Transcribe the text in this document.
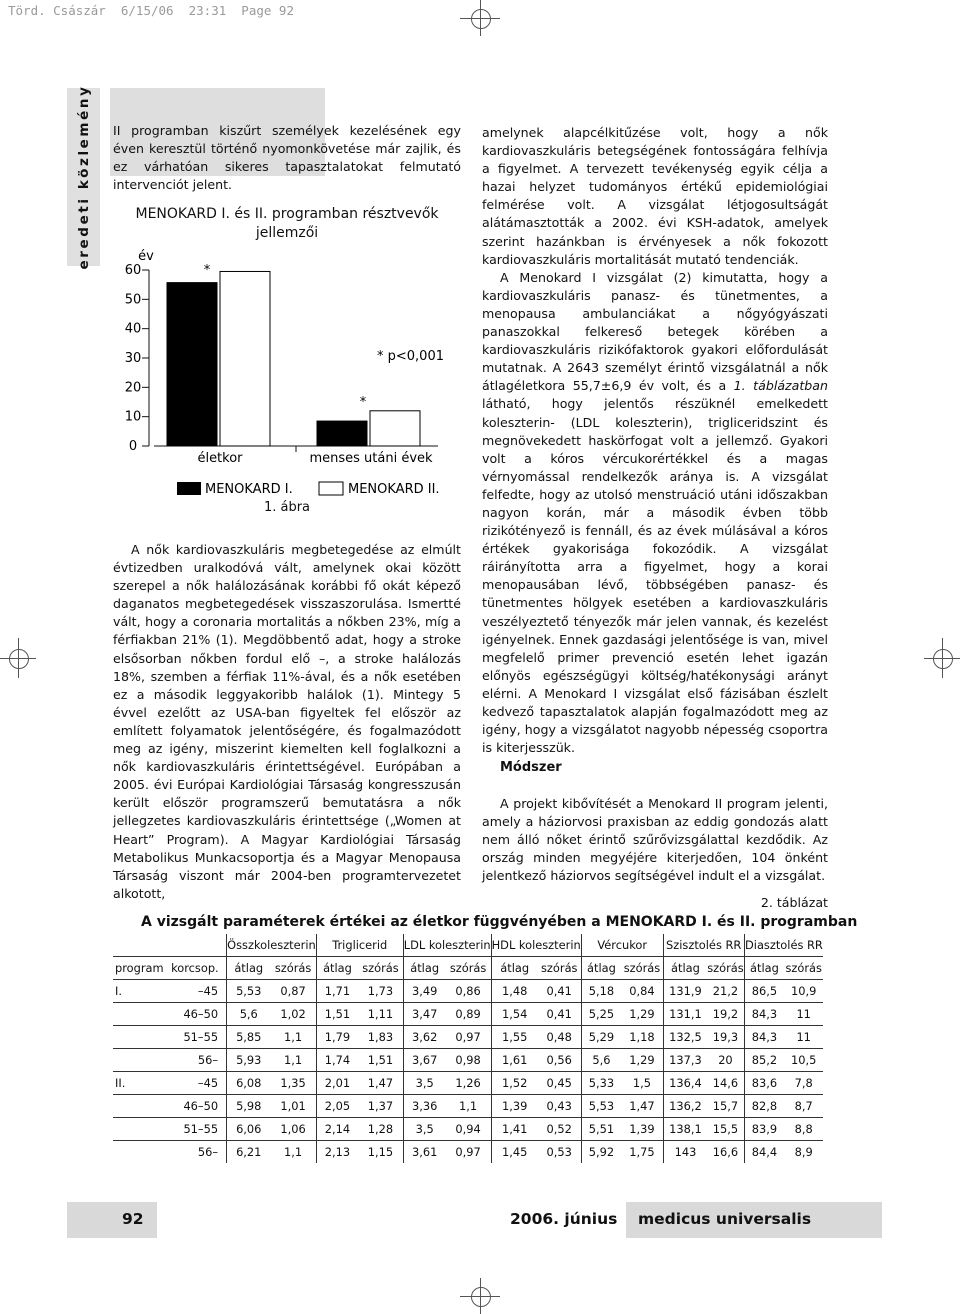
Törd. Császár  6/15/06  23:31  Page 92
eredeti közlemény II programban kiszűrt személyek kezelésének egy éven keresztül történő nyomonkövetése már zajlik, és ez várhatóan sikeres tapasztalatokat felmutató intervenciót jelent.

MENOKARD I. és II. programban résztvevők
jellemzői
év
0
10
20
30
40
50
60	*
*
* p<0,001
életkor	menses utáni évek
MENOKARD I.	MENOKARD II.
1. ábra

A nők kardiovaszkuláris megbetegedése az elmúlt évtizedben uralkodóvá vált, amelynek okai között szerepel a nők halálozásának korábbi fő okát képező daganatos megbetegedések visszaszorulása. Ismertté vált, hogy a coronaria mortalitás a nőkben 23%, míg a férfiakban 21% (1). Megdöbbentő adat, hogy a stroke elsősorban nőkben fordul elő –, a stroke halálozás 18%, szemben a férfiak 11%-ával, és a nők esetében ez a második leggyakoribb halálok (1). Mintegy 5 évvel ezelőtt az USA-ban figyeltek fel először az említett folyamatok jelentőségére, és fogalmazódott meg az igény, miszerint kiemelten kell foglalkozni a nők kardiovaszkuláris érintettségével. Európában a 2005. évi Európai Kardiológiai Társaság kongresszusán került először programszerű bemutatásra a nők jellegzetes kardiovaszkuláris érintettsége („Women at Heart” Program). A Magyar Kardiológiai Társaság Metabolikus Munkacsoportja és a Magyar Menopausa Társaság viszont már 2004-ben programtervezetet alkotott,

amelynek alapcélkitűzése volt, hogy a nők kardiovaszkuláris betegségének fontosságára felhívja a figyelmet. A tervezett tevékenység egyik célja a hazai helyzet tudományos értékű epidemiológiai felmérése volt. A vizsgálat létjogosultságát alátámasztották a 2002. évi KSH-adatok, amelyek szerint hazánkban is érvényesek a nők fokozott kardiovaszkuláris mortalitását mutató tendenciák.

A Menokard I vizsgálat (2) kimutatta, hogy a kardiovaszkuláris panasz- és tünetmentes, a menopausa ambulanciákat a nőgyógyászati panaszokkal felkereső betegek körében a kardiovaszkuláris rizikófaktorok gyakori előfordulását mutatnak. A 2643 személyt érintő vizsgálatnál a nők átlagéletkora 55,7±6,9 év volt, és a 1. táblázatban látható, hogy jelentős részüknél emelkedett koleszterin- (LDL koleszterin), trigliceridszint és megnövekedett haskörfogat volt a jellemző. Gyakori volt a kóros vércukorértékkel és a magas vérnyomással rendelkezők aránya is. A vizsgálat felfedte, hogy az utolsó menstruáció utáni időszakban nagyon korán, már a második évben több rizikótényező is fennáll, és az évek múlásával a kóros értékek gyakorisága fokozódik. A vizsgálat ráirányította arra a figyelmet, hogy a korai menopausában lévő, többségében panasz- és tünetmentes hölgyek esetében a kardiovaszkuláris veszélyeztető tényezők már jelen vannak, és kezelést igényelnek. Ennek gazdasági jelentősége is van, mivel megfelelő primer prevenció esetén lehet igazán előnyös egészségügyi költség/hatékonysági arányt elérni. A Menokard I vizsgálat első fázisában észlelt kedvező tapasztalatok alapján fogalmazódott meg az igény, hogy a vizsgálatot nagyobb népesség csoportra is kiterjesszük.

Módszer

A projekt kibővítését a Menokard II program jelenti, amely a háziorvosi praxisban az eddig gondozás alatt nem álló nőket érintő szűrővizsgálattal kezdődik. Az ország minden megyéjére kiterjedően, 104 önként jelentkező háziorvos segítségével indult el a vizsgálat.

2. táblázat
A vizsgált paraméterek értékei az életkor függvényében a MENOKARD I. és II. programban
		Összkoleszterin		Triglicerid		LDL koleszterin		HDL koleszterin		Vércukor		Szisztolés RR		Diasztolés RR	
program	korcsop.	átlag	szórás	átlag	szórás	átlag	szórás	átlag	szórás	átlag	szórás	átlag	szórás	átlag	szórás
I.	–45	5,53	0,87	1,71	1,73	3,49	0,86	1,48	0,41	5,18	0,84	131,9	21,2	86,5	10,9
	46–50	5,6	1,02	1,51	1,11	3,47	0,89	1,54	0,41	5,25	1,29	131,1	19,2	84,3	11
	51–55	5,85	1,1	1,79	1,83	3,62	0,97	1,55	0,48	5,29	1,18	132,5	19,3	84,3	11
	56–	5,93	1,1	1,74	1,51	3,67	0,98	1,61	0,56	5,6	1,29	137,3	20	85,2	10,5
II.	–45	6,08	1,35	2,01	1,47	3,5	1,26	1,52	0,45	5,33	1,5	136,4	14,6	83,6	7,8
	46–50	5,98	1,01	2,05	1,37	3,36	1,1	1,39	0,43	5,53	1,47	136,2	15,7	82,8	8,7
	51–55	6,06	1,06	2,14	1,28	3,5	0,94	1,41	0,52	5,51	1,39	138,1	15,5	83,9	8,8
	56–	6,21	1,1	2,13	1,15	3,61	0,97	1,45	0,53	5,92	1,75	143	16,6	84,4	8,9
92	2006. június medicus universalis
